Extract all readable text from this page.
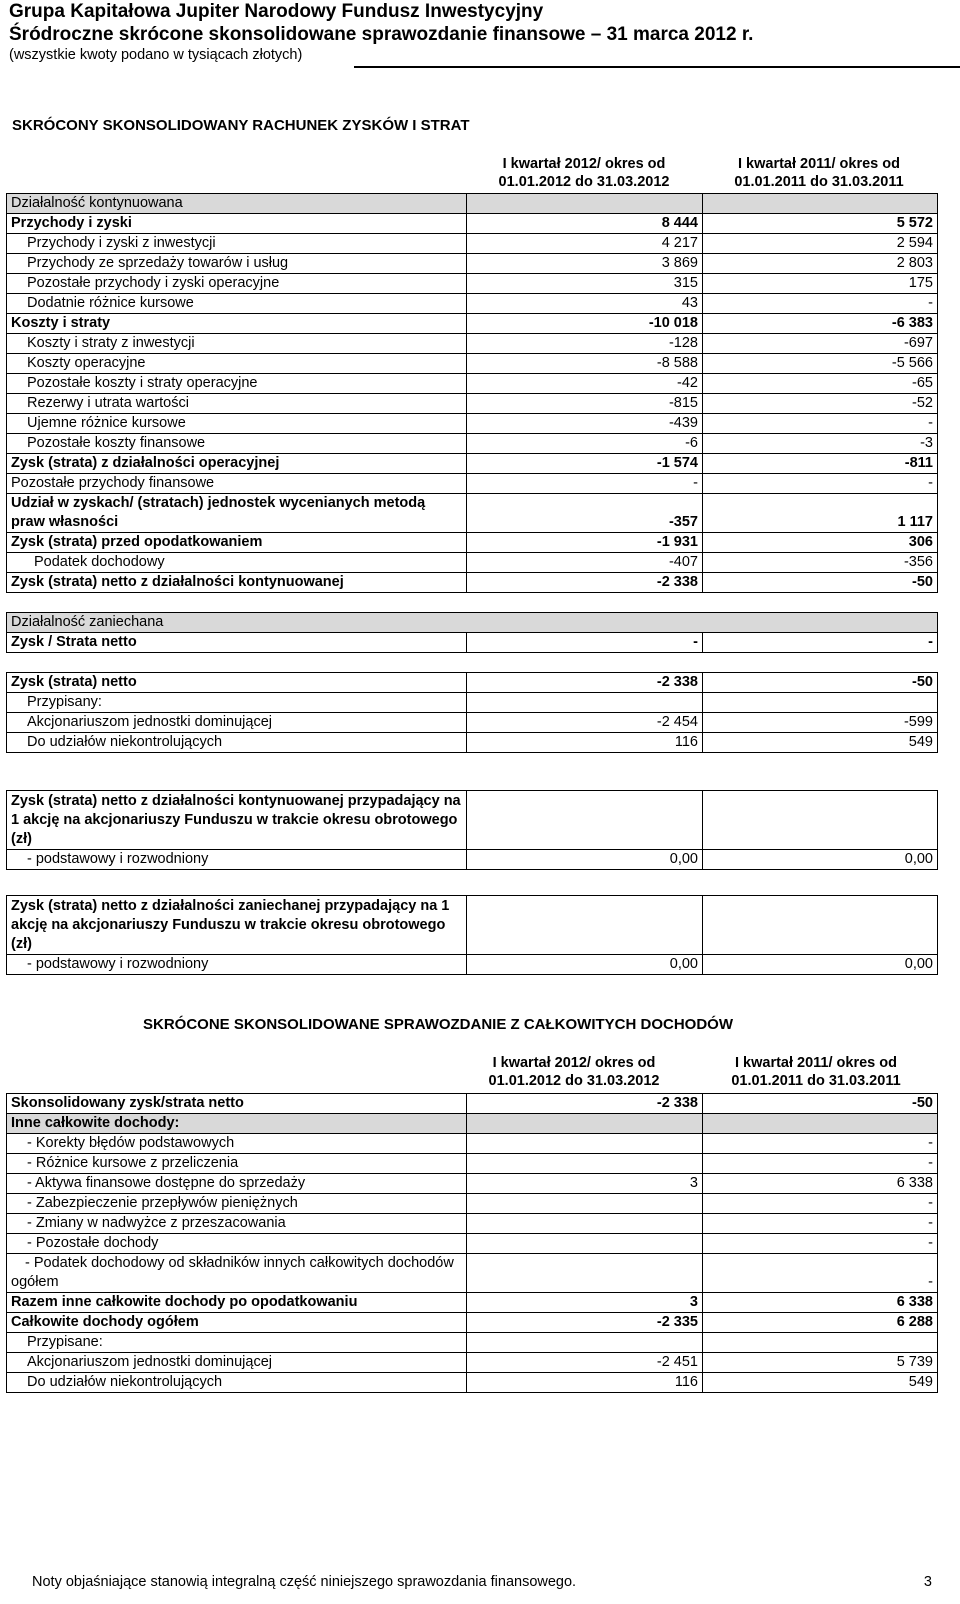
Grupa Kapitałowa Jupiter Narodowy Fundusz Inwestycyjny
Śródroczne skrócone skonsolidowane sprawozdanie finansowe – 31 marca 2012 r.
(wszystkie kwoty podano w tysiącach złotych)
SKRÓCONY SKONSOLIDOWANY RACHUNEK ZYSKÓW I STRAT
I kwartał 2012/ okres od
01.01.2012 do 31.03.2012
I kwartał 2011/ okres od
01.01.2011 do 31.03.2011
Działalność kontynuowana		
Przychody i zyski	8 444	5 572
Przychody i zyski z inwestycji	4 217	2 594
Przychody ze sprzedaży towarów i usług	3 869	2 803
Pozostałe przychody i zyski operacyjne	315	175
Dodatnie różnice kursowe	43	-
Koszty i straty	-10 018	-6 383
Koszty i straty z inwestycji	-128	-697
Koszty operacyjne	-8 588	-5 566
Pozostałe koszty i straty operacyjne	-42	-65
Rezerwy i utrata wartości	-815	-52
Ujemne różnice kursowe	-439	-
Pozostałe koszty finansowe	-6	-3
Zysk (strata) z działalności operacyjnej	-1 574	-811
Pozostałe przychody finansowe	-	-
Udział w zyskach/ (stratach) jednostek wycenianych metodą praw własności	-357	1 117
Zysk (strata) przed opodatkowaniem	-1 931	306
Podatek dochodowy	-407	-356
Zysk (strata) netto z działalności kontynuowanej	-2 338	-50
Działalność zaniechana
Zysk / Strata netto	-	-
Zysk (strata) netto	-2 338	-50
Przypisany:		
Akcjonariuszom jednostki dominującej	-2 454	-599
Do udziałów niekontrolujących	116	549
Zysk (strata) netto z działalności kontynuowanej przypadający na 1 akcję na akcjonariuszy Funduszu w trakcie okresu obrotowego (zł)		
- podstawowy i rozwodniony	0,00	0,00
Zysk (strata) netto z działalności zaniechanej przypadający na 1 akcję na akcjonariuszy Funduszu w trakcie okresu obrotowego (zł)		
- podstawowy i rozwodniony	0,00	0,00
SKRÓCONE SKONSOLIDOWANE SPRAWOZDANIE Z CAŁKOWITYCH DOCHODÓW
I kwartał 2012/ okres od
01.01.2012 do 31.03.2012
I kwartał 2011/ okres od
01.01.2011 do 31.03.2011
Skonsolidowany zysk/strata netto	-2 338	-50
Inne całkowite dochody:		
- Korekty błędów podstawowych		-
- Różnice kursowe z przeliczenia		-
- Aktywa finansowe dostępne do sprzedaży	3	6 338
- Zabezpieczenie przepływów pieniężnych		-
- Zmiany w nadwyżce z przeszacowania		-
- Pozostałe dochody		-
- Podatek dochodowy od składników innych całkowitych dochodów ogółem		-
Razem inne całkowite dochody po opodatkowaniu	3	6 338
Całkowite dochody ogółem	-2 335	6 288
Przypisane:		
Akcjonariuszom jednostki dominującej	-2 451	5 739
Do udziałów niekontrolujących	116	549
Noty objaśniające stanowią integralną część niniejszego sprawozdania finansowego.	3
